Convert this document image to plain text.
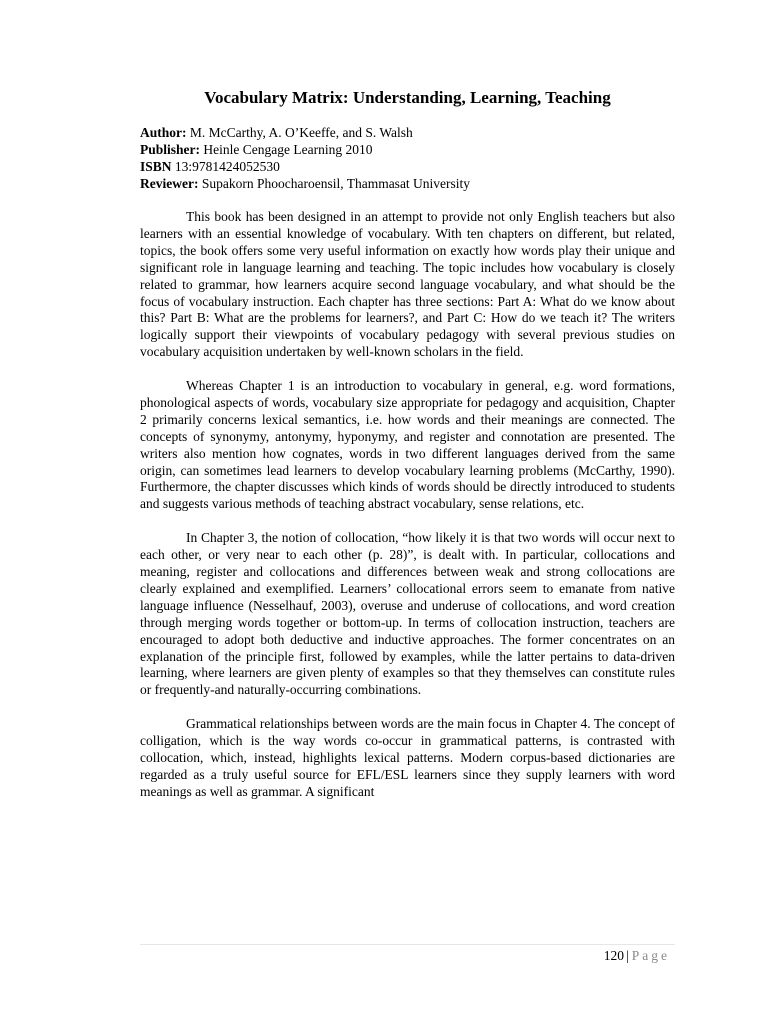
Vocabulary Matrix: Understanding, Learning, Teaching
Author: M. McCarthy, A. O’Keeffe, and S. Walsh
Publisher: Heinle Cengage Learning 2010
ISBN 13:9781424052530
Reviewer: Supakorn Phoocharoensil, Thammasat University

This book has been designed in an attempt to provide not only English teachers but also learners with an essential knowledge of vocabulary. With ten chapters on different, but related, topics, the book offers some very useful information on exactly how words play their unique and significant role in language learning and teaching. The topic includes how vocabulary is closely related to grammar, how learners acquire second language vocabulary, and what should be the focus of vocabulary instruction. Each chapter has three sections: Part A: What do we know about this? Part B: What are the problems for learners?, and Part C: How do we teach it? The writers logically support their viewpoints of vocabulary pedagogy with several previous studies on vocabulary acquisition undertaken by well-known scholars in the field.

Whereas Chapter 1 is an introduction to vocabulary in general, e.g. word formations, phonological aspects of words, vocabulary size appropriate for pedagogy and acquisition, Chapter 2 primarily concerns lexical semantics, i.e. how words and their meanings are connected. The concepts of synonymy, antonymy, hyponymy, and register and connotation are presented. The writers also mention how cognates, words in two different languages derived from the same origin, can sometimes lead learners to develop vocabulary learning problems (McCarthy, 1990). Furthermore, the chapter discusses which kinds of words should be directly introduced to students and suggests various methods of teaching abstract vocabulary, sense relations, etc.

In Chapter 3, the notion of collocation, “how likely it is that two words will occur next to each other, or very near to each other (p. 28)”, is dealt with. In particular, collocations and meaning, register and collocations and differences between weak and strong collocations are clearly explained and exemplified. Learners’ collocational errors seem to emanate from native language influence (Nesselhauf, 2003), overuse and underuse of collocations, and word creation through merging words together or bottom-up. In terms of collocation instruction, teachers are encouraged to adopt both deductive and inductive approaches. The former concentrates on an explanation of the principle first, followed by examples, while the latter pertains to data-driven learning, where learners are given plenty of examples so that they themselves can constitute rules or frequently-and naturally-occurring combinations.

Grammatical relationships between words are the main focus in Chapter 4. The concept of colligation, which is the way words co-occur in grammatical patterns, is contrasted with collocation, which, instead, highlights lexical patterns. Modern corpus-based dictionaries are regarded as a truly useful source for EFL/ESL learners since they supply learners with word meanings as well as grammar. A significant

120 | Page
